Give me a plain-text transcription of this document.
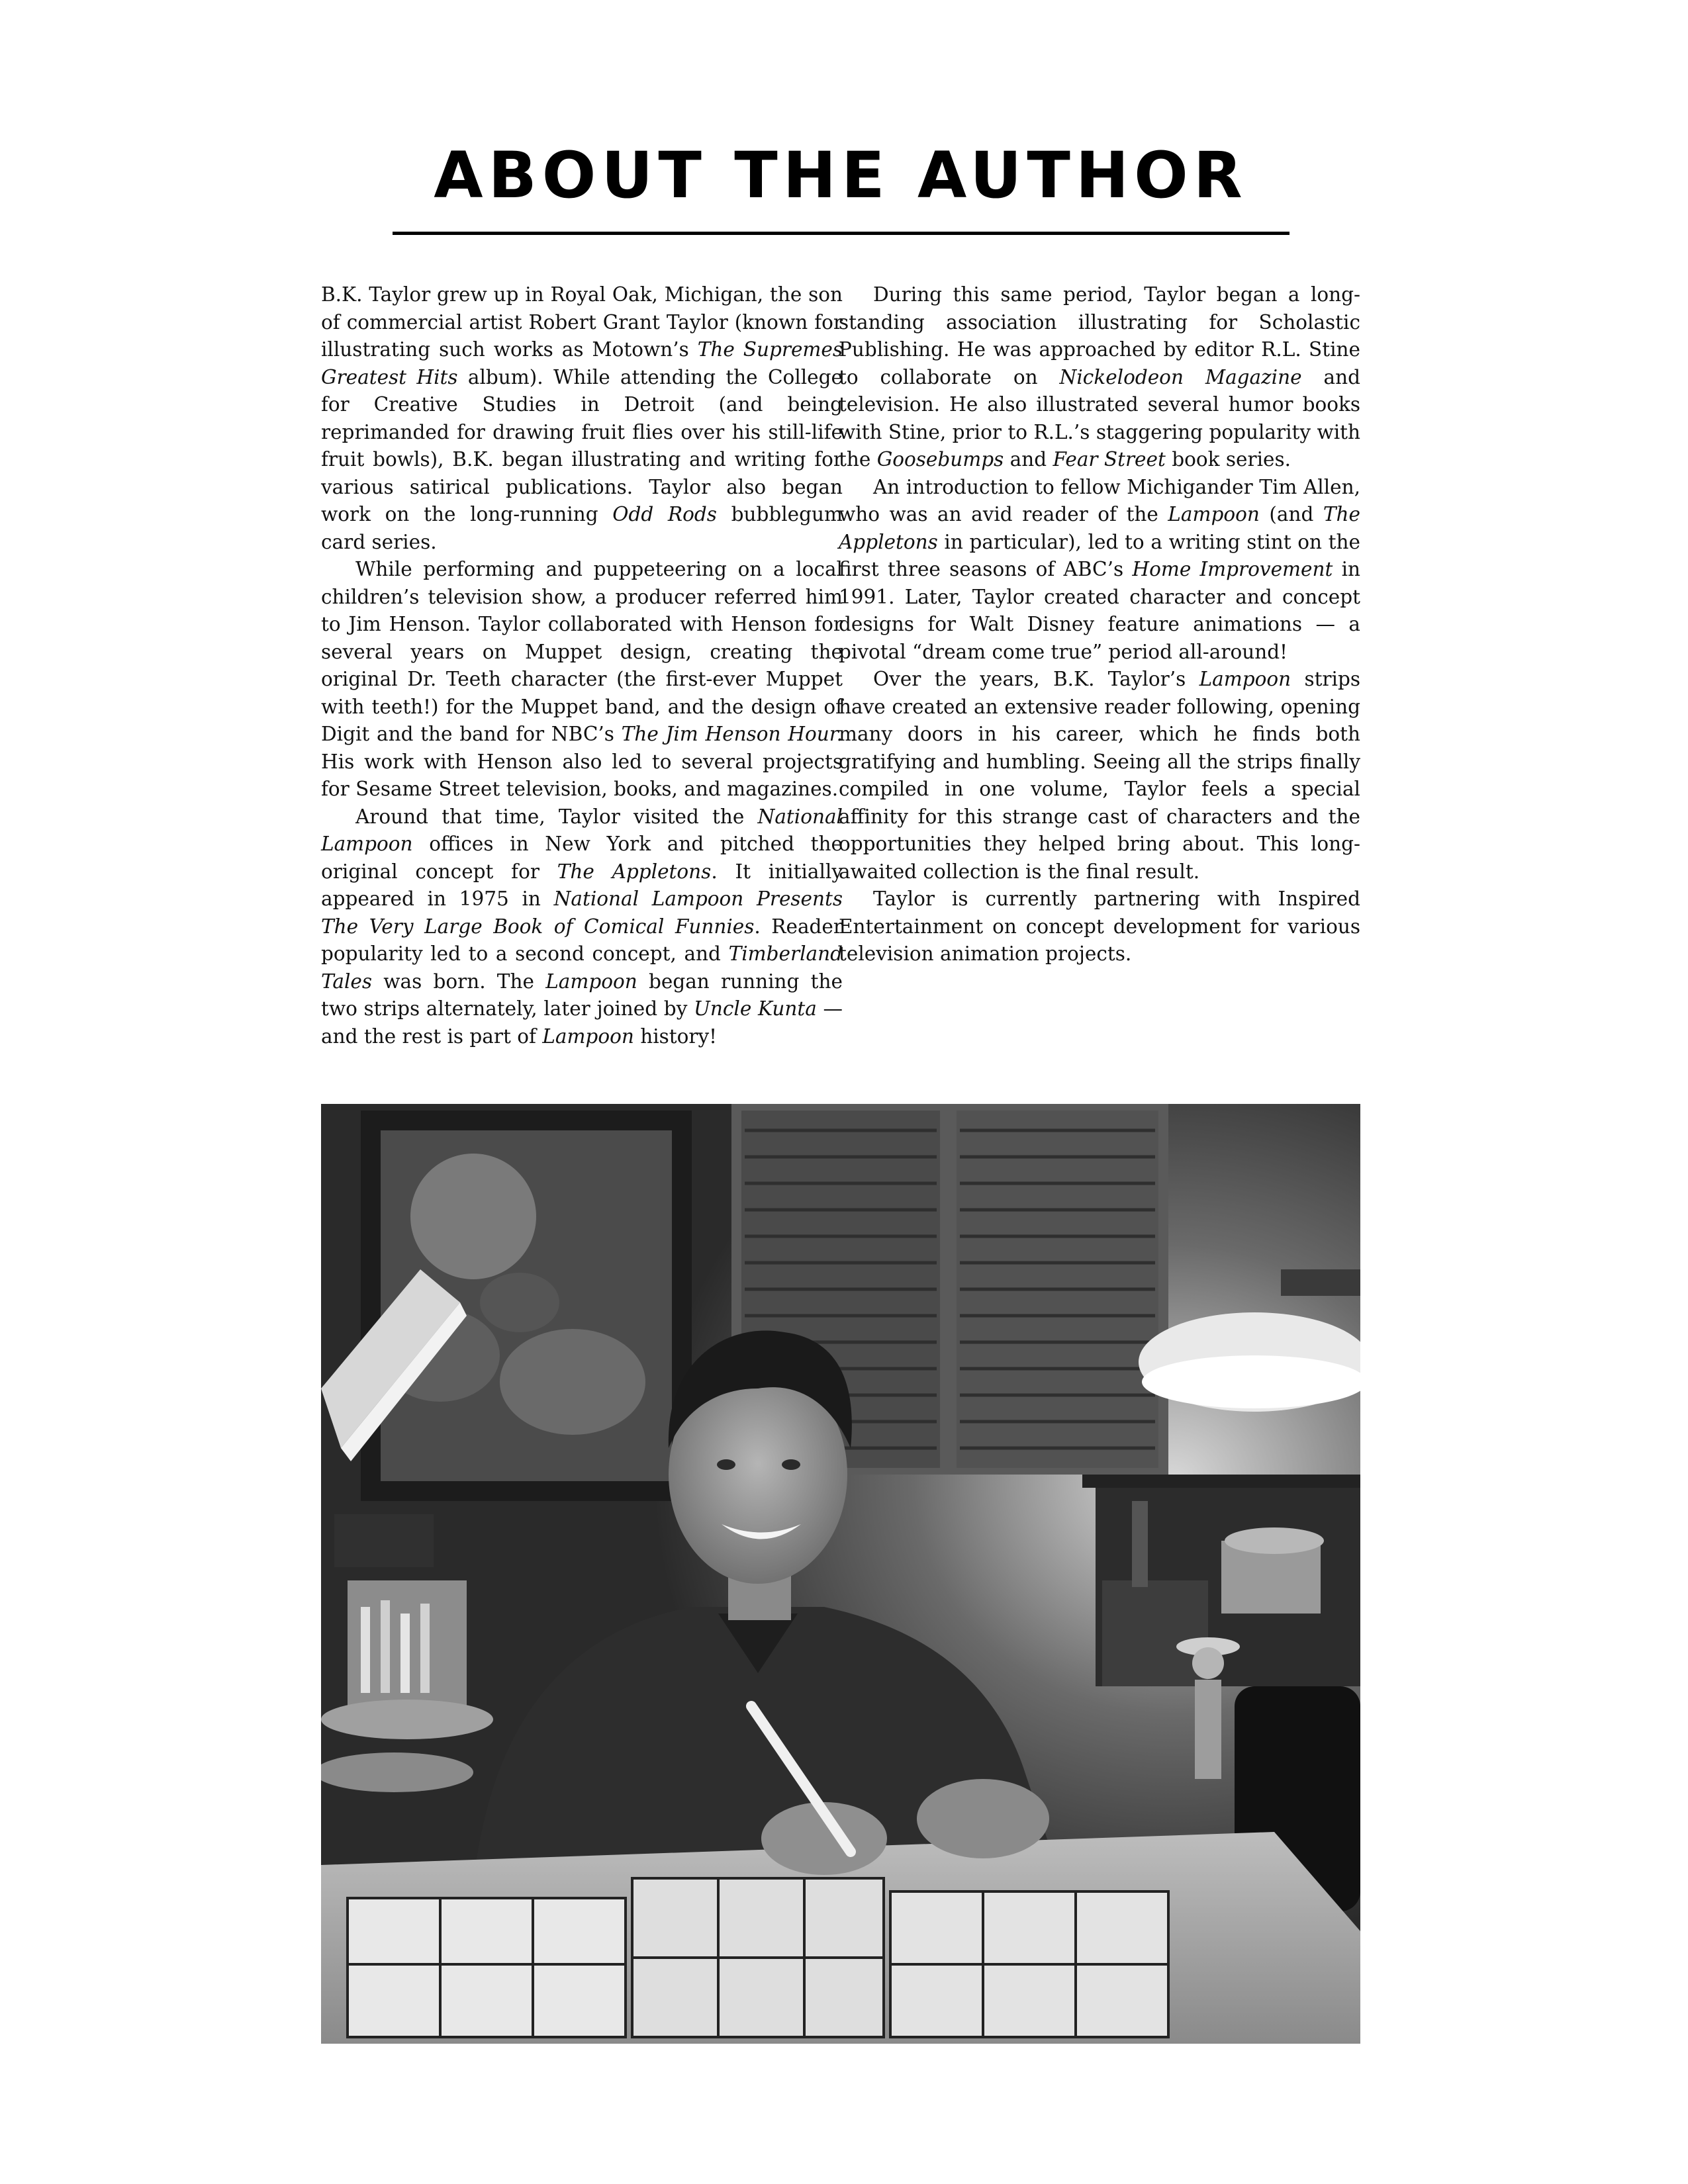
ABOUT THE AUTHOR

B.K. Taylor grew up in Royal Oak, Michigan, the son of commercial artist Robert Grant Taylor (known for illustrating such works as Motown’s The Supremes Greatest Hits album). While attending the College for Creative Studies in Detroit (and being reprimanded for drawing fruit flies over his still-life fruit bowls), B.K. began illustrating and writing for various satirical publications. Taylor also began work on the long-running Odd Rods bubblegum card series.

While performing and puppeteering on a local children’s television show, a producer referred him to Jim Henson. Taylor collaborated with Henson for several years on Muppet design, creating the original Dr. Teeth character (the first-ever Muppet with teeth!) for the Muppet band, and the design of Digit and the band for NBC’s The Jim Henson Hour. His work with Henson also led to several projects for Sesame Street television, books, and magazines.

Around that time, Taylor visited the National Lampoon offices in New York and pitched the original concept for The Appletons. It initially appeared in 1975 in National Lampoon Presents The Very Large Book of Comical Funnies. Reader popularity led to a second concept, and Timberland Tales was born. The Lampoon began running the two strips alternately, later joined by Uncle Kunta — and the rest is part of Lampoon history!

During this same period, Taylor began a long-standing association illustrating for Scholastic Publishing. He was approached by editor R.L. Stine to collaborate on Nickelodeon Magazine and television. He also illustrated several humor books with Stine, prior to R.L.’s staggering popularity with the Goosebumps and Fear Street book series.

An introduction to fellow Michigander Tim Allen, who was an avid reader of the Lampoon (and The Appletons in particular), led to a writing stint on the first three seasons of ABC’s Home Improvement in 1991. Later, Taylor created character and concept designs for Walt Disney feature animations — a pivotal “dream come true” period all-around!

Over the years, B.K. Taylor’s Lampoon strips have created an extensive reader following, opening many doors in his career, which he finds both gratifying and humbling. Seeing all the strips finally compiled in one volume, Taylor feels a special affinity for this strange cast of characters and the opportunities they helped bring about. This long-awaited collection is the final result.

Taylor is currently partnering with Inspired Entertainment on concept development for various television animation projects.
